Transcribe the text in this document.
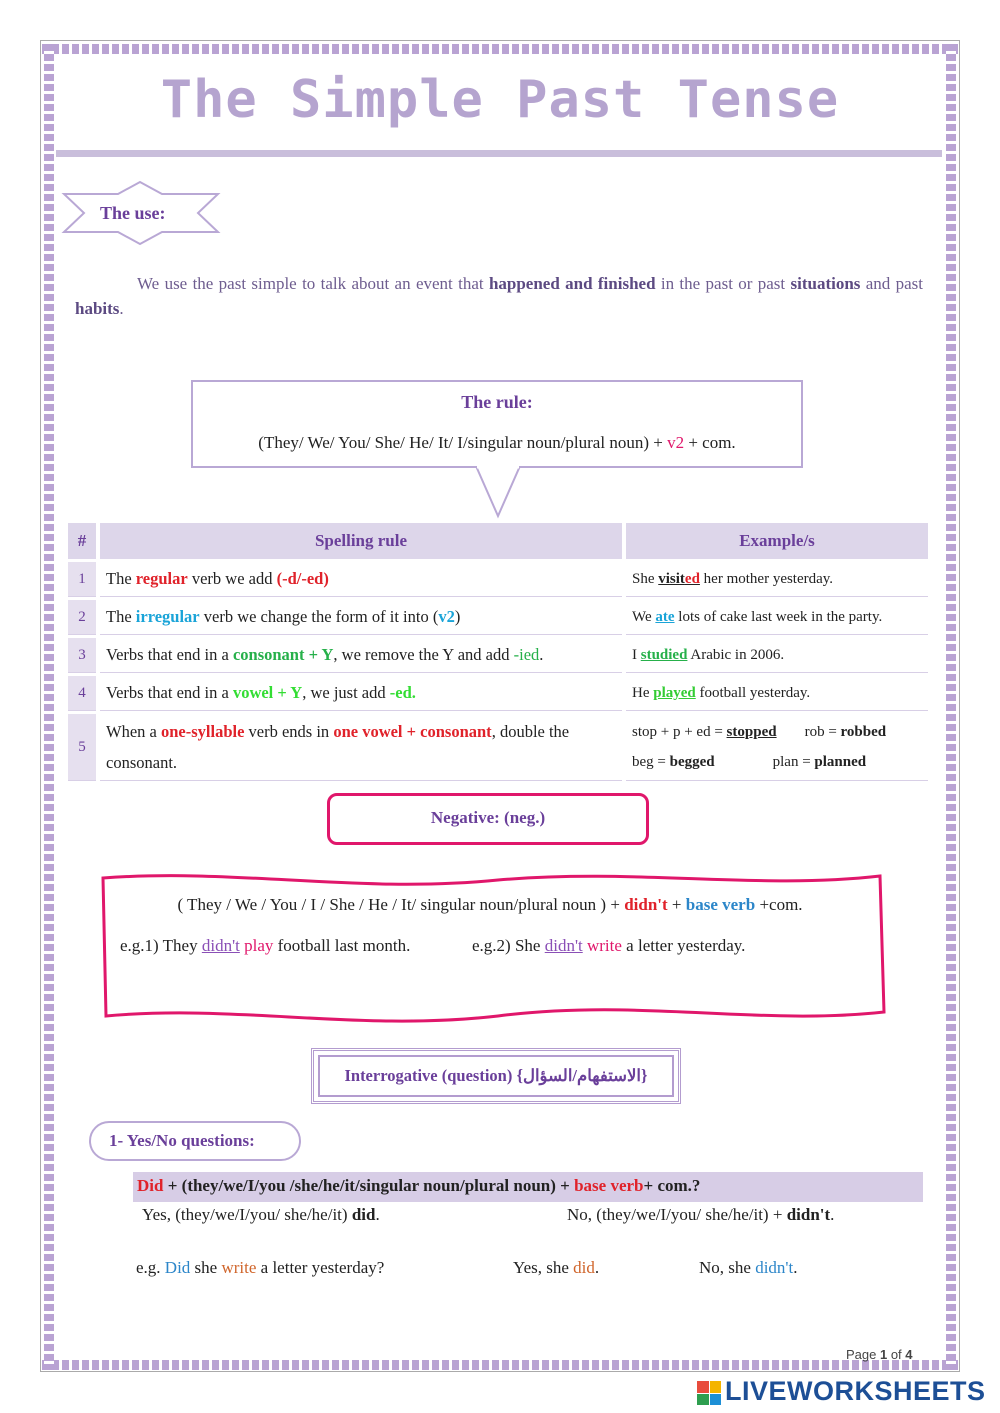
The Simple Past Tense
The use:
We use the past simple to talk about an event that happened and finished in the past or past situations and past habits.
The rule:
(They/ We/ You/ She/ He/ It/ I/singular noun/plural noun) + v2 + com.
#	Spelling rule	Example/s
1	The regular verb we add (-d/-ed)	She visited her mother yesterday.
2	The irregular verb we change the form of it into (v2)	We ate lots of cake last week in the party.
3	Verbs that end in a consonant + Y, we remove the Y and add -ied.	I studied Arabic in 2006.
4	Verbs that end in a vowel + Y, we just add -ed.	He played football yesterday.
5	When a one-syllable verb ends in one vowel + consonant, double the consonant.	stop + p + ed = stopped rob = robbed
beg = begged plan = planned
Negative: (neg.)
( They / We / You / I / She / He / It/ singular noun/plural noun ) + didn't + base verb +com.
e.g.1) They didn't play football last month.	e.g.2) She didn't write a letter yesterday.
Interrogative (question) {الاستفهام/السؤال}
1- Yes/No questions:
Did + (they/we/I/you /she/he/it/singular noun/plural noun) + base verb+ com.?
Yes, (they/we/I/you/ she/he/it) did.	No, (they/we/I/you/ she/he/it) + didn't.
e.g. Did she write a letter yesterday?	Yes, she did.	No, she didn't.
Page 1 of 4
LIVEWORKSHEETS
